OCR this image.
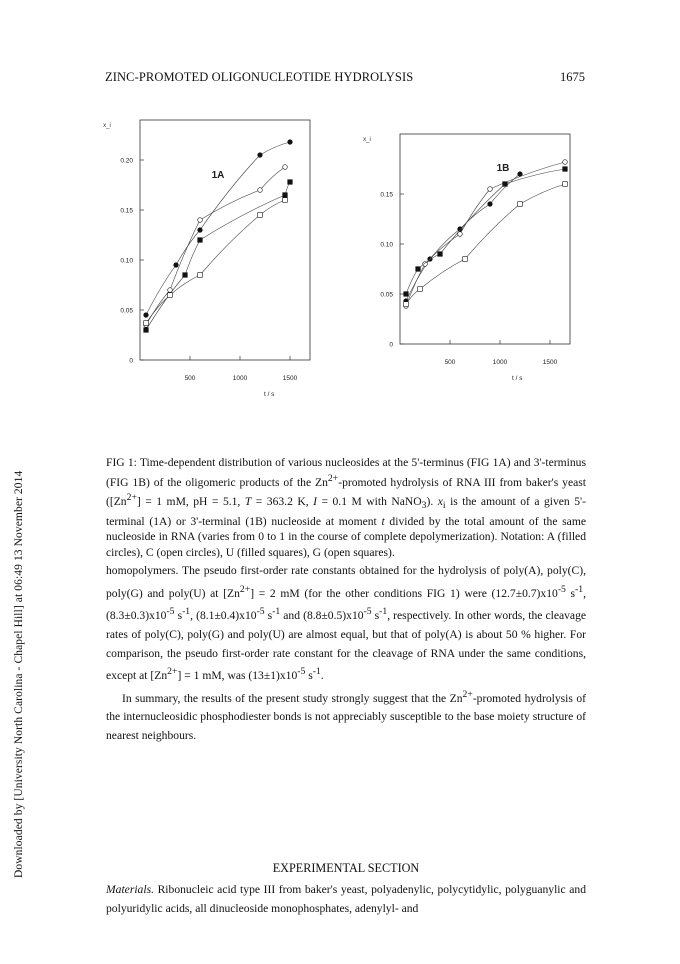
Downloaded by [University North Carolina - Chapel Hill] at 06:49 13 November 2014
ZINC-PROMOTED OLIGONUCLEOTIDE HYDROLYSIS	1675
500	1000	1500
0
0.05
0.10
0.15
0.20
1A
x_i
t / s
500	1000	1500
0
0.05
0.10
0.15
1B
x_i
t / s
FIG 1: Time-dependent distribution of various nucleosides at the 5'-terminus (FIG 1A) and 3'-terminus (FIG 1B) of the oligomeric products of the $Zn^{2+}$-promoted hydrolysis of RNA III from baker's yeast ($[Zn^{2+}] = 1$ mM, pH = 5.1, T = 363.2 K, I = 0.1 M with NaNO$_3$). $x_i$ is the amount of a given 5'-terminal (1A) or 3'-terminal (1B) nucleoside at moment t divided by the total amount of the same nucleoside in RNA (varies from 0 to 1 in the course of complete depolymerization). Notation: A (filled circles), C (open circles), U (filled squares), G (open squares).

homopolymers. The pseudo first-order rate constants obtained for the hydrolysis of poly(A), poly(C), poly(G) and poly(U) at $[Zn^{2+}] = 2$ mM (for the other conditions FIG 1) were $(12.7\pm 0.7)x10^{-5}$ $s^{-1}$, $(8.3\pm 0.3)x10^{-5}$ $s^{-1}$, $(8.1\pm 0.4)x10^{-5}$ $s^{-1}$ and $(8.8\pm 0.5)x10^{-5}$ $s^{-1}$, respectively. In other words, the cleavage rates of poly(C), poly(G) and poly(U) are almost equal, but that of poly(A) is about 50 % higher. For comparison, the pseudo first-order rate constant for the cleavage of RNA under the same conditions, except at $[Zn^{2+}] = 1$ mM, was $(13\pm 1)x10^{-5}$ $s^{-1}$.

In summary, the results of the present study strongly suggest that the $Zn^{2+}$-promoted hydrolysis of the internucleosidic phosphodiester bonds is not appreciably susceptible to the base moiety structure of nearest neighbours.

EXPERIMENTAL SECTION
Materials. Ribonucleic acid type III from baker's yeast, polyadenylic, polycytidylic, polyguanylic and polyuridylic acids, all dinucleoside monophosphates, adenylyl- and
